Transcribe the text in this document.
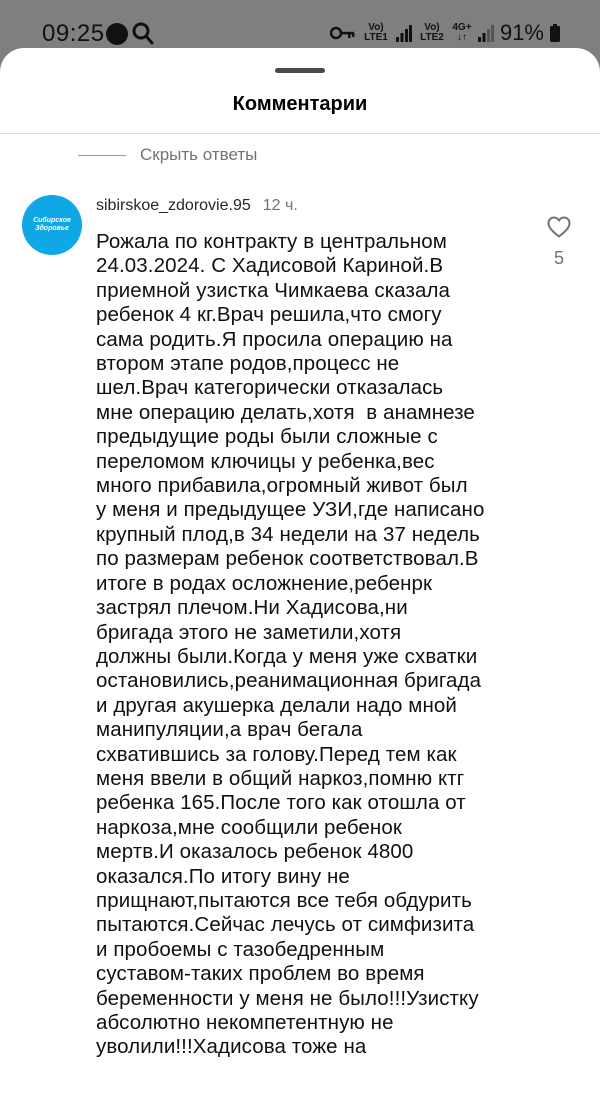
09:25	Vo)
LTE1
Vo)
LTE2
4G+
↓↑ 91%
Комментарии
Скрыть ответы
Сибирское
Здоровье
sibirskoe_zdorovie.95 12 ч.
5
Рожала по контракту в центральном
24.03.2024. С Хадисовой Кариной.В
приемной узистка Чимкаева сказала
ребенок 4 кг.Врач решила,что смогу
сама родить.Я просила операцию на
втором этапе родов,процесс не
шел.Врач категорически отказалась
мне операцию делать,хотя  в анамнезе
предыдущие роды были сложные с
переломом ключицы у ребенка,вес
много прибавила,огромный живот был
у меня и предыдущее УЗИ,где написано
крупный плод,в 34 недели на 37 недель
по размерам ребенок соответствовал.В
итоге в родах осложнение,ребенрк
застрял плечом.Ни Хадисова,ни
бригада этого не заметили,хотя
должны были.Когда у меня уже схватки
остановились,реанимационная бригада
и другая акушерка делали надо мной
манипуляции,а врач бегала
схватившись за голову.Перед тем как
меня ввели в общий наркоз,помню ктг
ребенка 165.После того как отошла от
наркоза,мне сообщили ребенок
мертв.И оказалось ребенок 4800
оказался.По итогу вину не
прищнают,пытаются все тебя обдурить
пытаются.Сейчас лечусь от симфизита
и пробоемы с тазобедренным
суставом-таких проблем во время
беременности у меня не было!!!Узистку
абсолютно некомпетентную не
уволили!!!Хадисова тоже на
